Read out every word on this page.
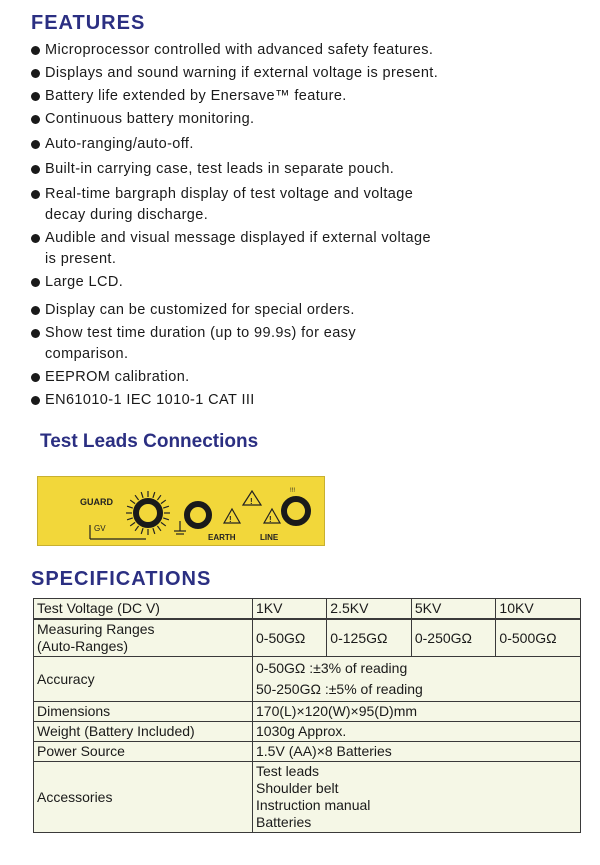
FEATURES
Microprocessor controlled with advanced safety features.
Displays and sound warning if external voltage is present.
Battery life extended by Enersave™ feature.
Continuous battery monitoring.
Auto-ranging/auto-off.
Built-in carrying case, test leads in separate pouch.
Real-time bargraph display of test voltage and voltage
decay during discharge.
Audible and visual message displayed if external voltage
is present.
Large LCD.
Display can be customized for special orders.
Show test time duration (up to 99.9s) for easy
comparison.
EEPROM calibration.
EN61010-1 IEC 1010-1 CAT III
Test Leads Connections
GUARD
GV
!
!
!
EARTH	LINE
!!!
SPECIFICATIONS
Test Voltage (DC V)	1KV	2.5KV	5KV	10KV

Measuring Ranges
(Auto-Ranges)	0-50GΩ	0-125GΩ	0-250GΩ	0-500GΩ
Accuracy	0-50GΩ :±3% of reading
50-250GΩ :±5% of reading			

Dimensions	170(L)×120(W)×95(D)mm			
Weight (Battery Included)	1030g Approx.			
Power Source	1.5V (AA)×8 Batteries			
Accessories	Test leads
Shoulder belt
Instruction manual
Batteries			
